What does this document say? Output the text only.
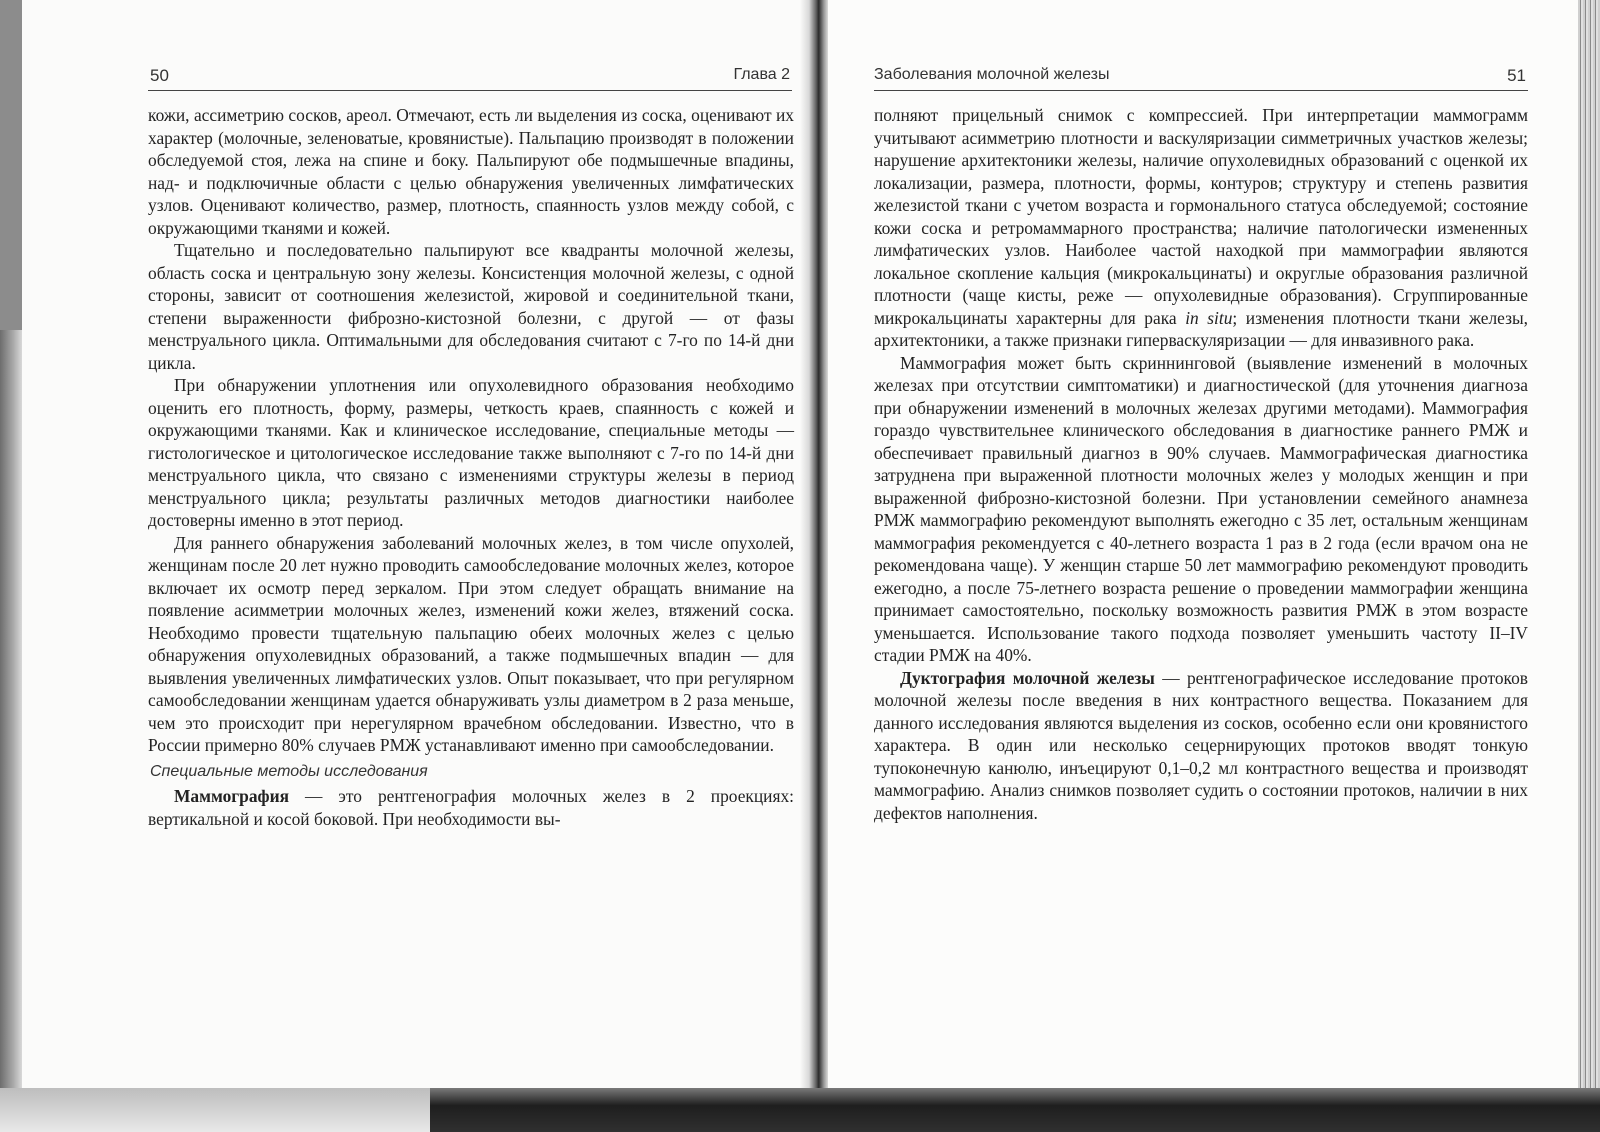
50	Глава 2

кожи, ассиметрию сосков, ареол. Отмечают, есть ли выделения из соска, оценивают их характер (молочные, зеленоватые, кровянистые). Пальпацию производят в положении обследуемой стоя, лежа на спине и боку. Пальпируют обе подмышечные впадины, над- и подключичные области с целью обнаружения увеличенных лимфатических узлов. Оценивают количество, размер, плотность, спаянность узлов между собой, с окружающими тканями и кожей.

Тщательно и последовательно пальпируют все квадранты молочной железы, область соска и центральную зону железы. Консистенция молочной железы, с одной стороны, зависит от соотношения железистой, жировой и соединительной ткани, степени выраженности фиброзно-кистозной болезни, с другой — от фазы менструального цикла. Оптимальными для обследования считают с 7-го по 14-й дни цикла.

При обнаружении уплотнения или опухолевидного образования необходимо оценить его плотность, форму, размеры, четкость краев, спаянность с кожей и окружающими тканями. Как и клиническое исследование, специальные методы — гистологическое и цитологическое исследование также выполняют с 7-го по 14-й дни менструального цикла, что связано с изменениями структуры железы в период менструального цикла; результаты различных методов диагностики наиболее достоверны именно в этот период.

Для раннего обнаружения заболеваний молочных желез, в том числе опухолей, женщинам после 20 лет нужно проводить самообследование молочных желез, которое включает их осмотр перед зеркалом. При этом следует обращать внимание на появление асимметрии молочных желез, изменений кожи желез, втяжений соска. Необходимо провести тщательную пальпацию обеих молочных желез с целью обнаружения опухолевидных образований, а также подмышечных впадин — для выявления увеличенных лимфатических узлов. Опыт показывает, что при регулярном самообследовании женщинам удается обнаруживать узлы диаметром в 2 раза меньше, чем это происходит при нерегулярном врачебном обследовании. Известно, что в России примерно 80% случаев РМЖ устанавливают именно при самообследовании.

Специальные методы исследования

Маммография — это рентгенография молочных желез в 2 проекциях: вертикальной и косой боковой. При необходимости вы-

Заболевания молочной железы	51

полняют прицельный снимок с компрессией. При интерпретации маммограмм учитывают асимметрию плотности и васкуляризации симметричных участков железы; нарушение архитектоники железы, наличие опухолевидных образований с оценкой их локализации, размера, плотности, формы, контуров; структуру и степень развития железистой ткани с учетом возраста и гормонального статуса обследуемой; состояние кожи соска и ретромаммарного пространства; наличие патологически измененных лимфатических узлов. Наиболее частой находкой при маммографии являются локальное скопление кальция (микрокальцинаты) и округлые образования различной плотности (чаще кисты, реже — опухолевидные образования). Сгруппированные микрокальцинаты характерны для рака in situ; изменения плотности ткани железы, архитектоники, а также признаки гиперваскуляризации — для инвазивного рака.

Маммография может быть скриннинговой (выявление изменений в молочных железах при отсутствии симптоматики) и диагностической (для уточнения диагноза при обнаружении изменений в молочных железах другими методами). Маммография гораздо чувствительнее клинического обследования в диагностике раннего РМЖ и обеспечивает правильный диагноз в 90% случаев. Маммографическая диагностика затруднена при выраженной плотности молочных желез у молодых женщин и при выраженной фиброзно-кистозной болезни. При установлении семейного анамнеза РМЖ маммографию рекомендуют выполнять ежегодно с 35 лет, остальным женщинам маммография рекомендуется с 40-летнего возраста 1 раз в 2 года (если врачом она не рекомендована чаще). У женщин старше 50 лет маммографию рекомендуют проводить ежегодно, а после 75-летнего возраста решение о проведении маммографии женщина принимает самостоятельно, поскольку возможность развития РМЖ в этом возрасте уменьшается. Использование такого подхода позволяет уменьшить частоту II–IV стадии РМЖ на 40%.

Дуктография молочной железы — рентгенографическое исследование протоков молочной железы после введения в них контрастного вещества. Показанием для данного исследования являются выделения из сосков, особенно если они кровянистого характера. В один или несколько сецернирующих протоков вводят тонкую тупоконечную канюлю, инъецируют 0,1–0,2 мл контрастного вещества и производят маммографию. Анализ снимков позволяет судить о состоянии протоков, наличии в них дефектов наполнения.
